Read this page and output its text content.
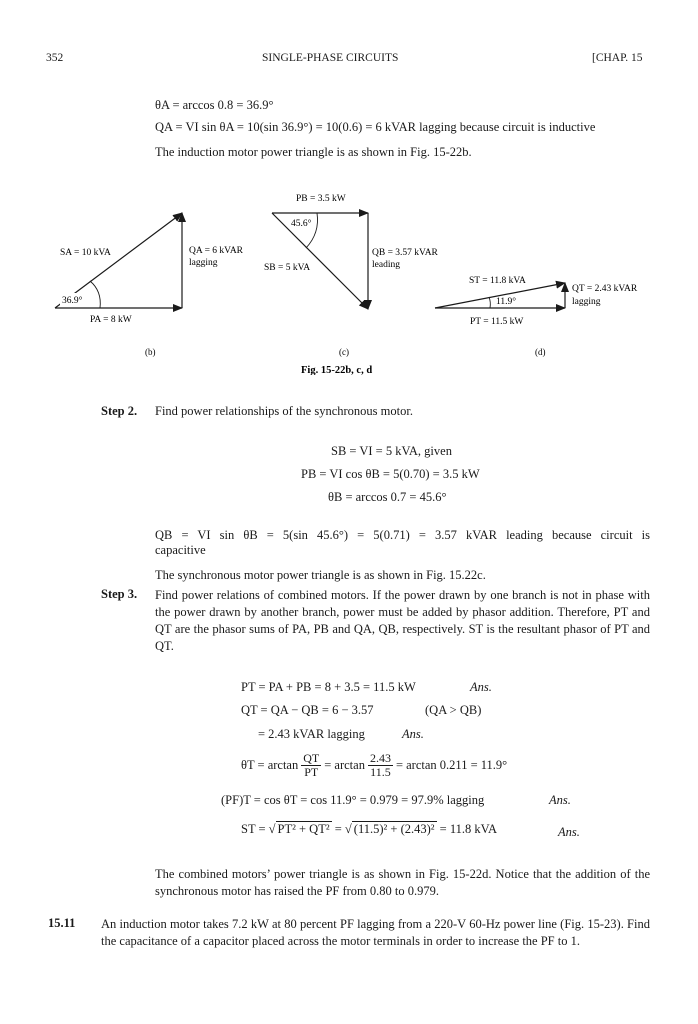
352	SINGLE-PHASE CIRCUITS	[CHAP. 15
θA = arccos 0.8 = 36.9°
QA = VI sin θA = 10(sin 36.9°) = 10(0.6) = 6 kVAR lagging because circuit is inductive
The induction motor power triangle is as shown in Fig. 15-22b.
SA = 10 kVA	QA = 6 kVAR
lagging
36.9°
PA = 8 kW
(b)
PB = 3.5 kW
45.6°
SB = 5 kVA
QB = 3.57 kVAR
leading
(c)
ST = 11.8 kVA
QT = 2.43 kVAR
lagging
11.9°
PT = 11.5 kW
(d)
Fig. 15-22b, c, d
Step 2. Find power relationships of the synchronous motor.
SB = VI = 5 kVA, given
PB = VI cos θB = 5(0.70) = 3.5 kW
θB = arccos 0.7 = 45.6°
QB = VI sin θB = 5(sin 45.6°) = 5(0.71) = 3.57 kVAR leading because circuit is
capacitive
The synchronous motor power triangle is as shown in Fig. 15.22c.
Step 3. Find power relations of combined motors. If the power drawn by one branch is not in phase with the power drawn by another branch, power must be added by phasor addition. Therefore, PT and QT are the phasor sums of PA, PB and QA, QB, respectively. ST is the resultant phasor of PT and QT.
PT = PA + PB = 8 + 3.5 = 11.5 kW	Ans.
QT = QA − QB = 6 − 3.57	(QA > QB)
= 2.43 kVAR lagging	Ans.
$\theta T = \arctan \frac{QT}{PT} = \arctan \frac{2.43}{11.5} = \arctan 0.211 = 11.9^\circ$
(PF)T = cos θT = cos 11.9° = 0.979 = 97.9% lagging	Ans.
ST = √ PT² + QT² = √ (11.5)² + (2.43)² = 11.8 kVA	Ans.
The combined motors’ power triangle is as shown in Fig. 15-22d. Notice that the addition of the synchronous motor has raised the PF from 0.80 to 0.979.
15.11 An induction motor takes 7.2 kW at 80 percent PF lagging from a 220-V 60-Hz power line (Fig. 15-23). Find the capacitance of a capacitor placed across the motor terminals in order to increase the PF to 1.
